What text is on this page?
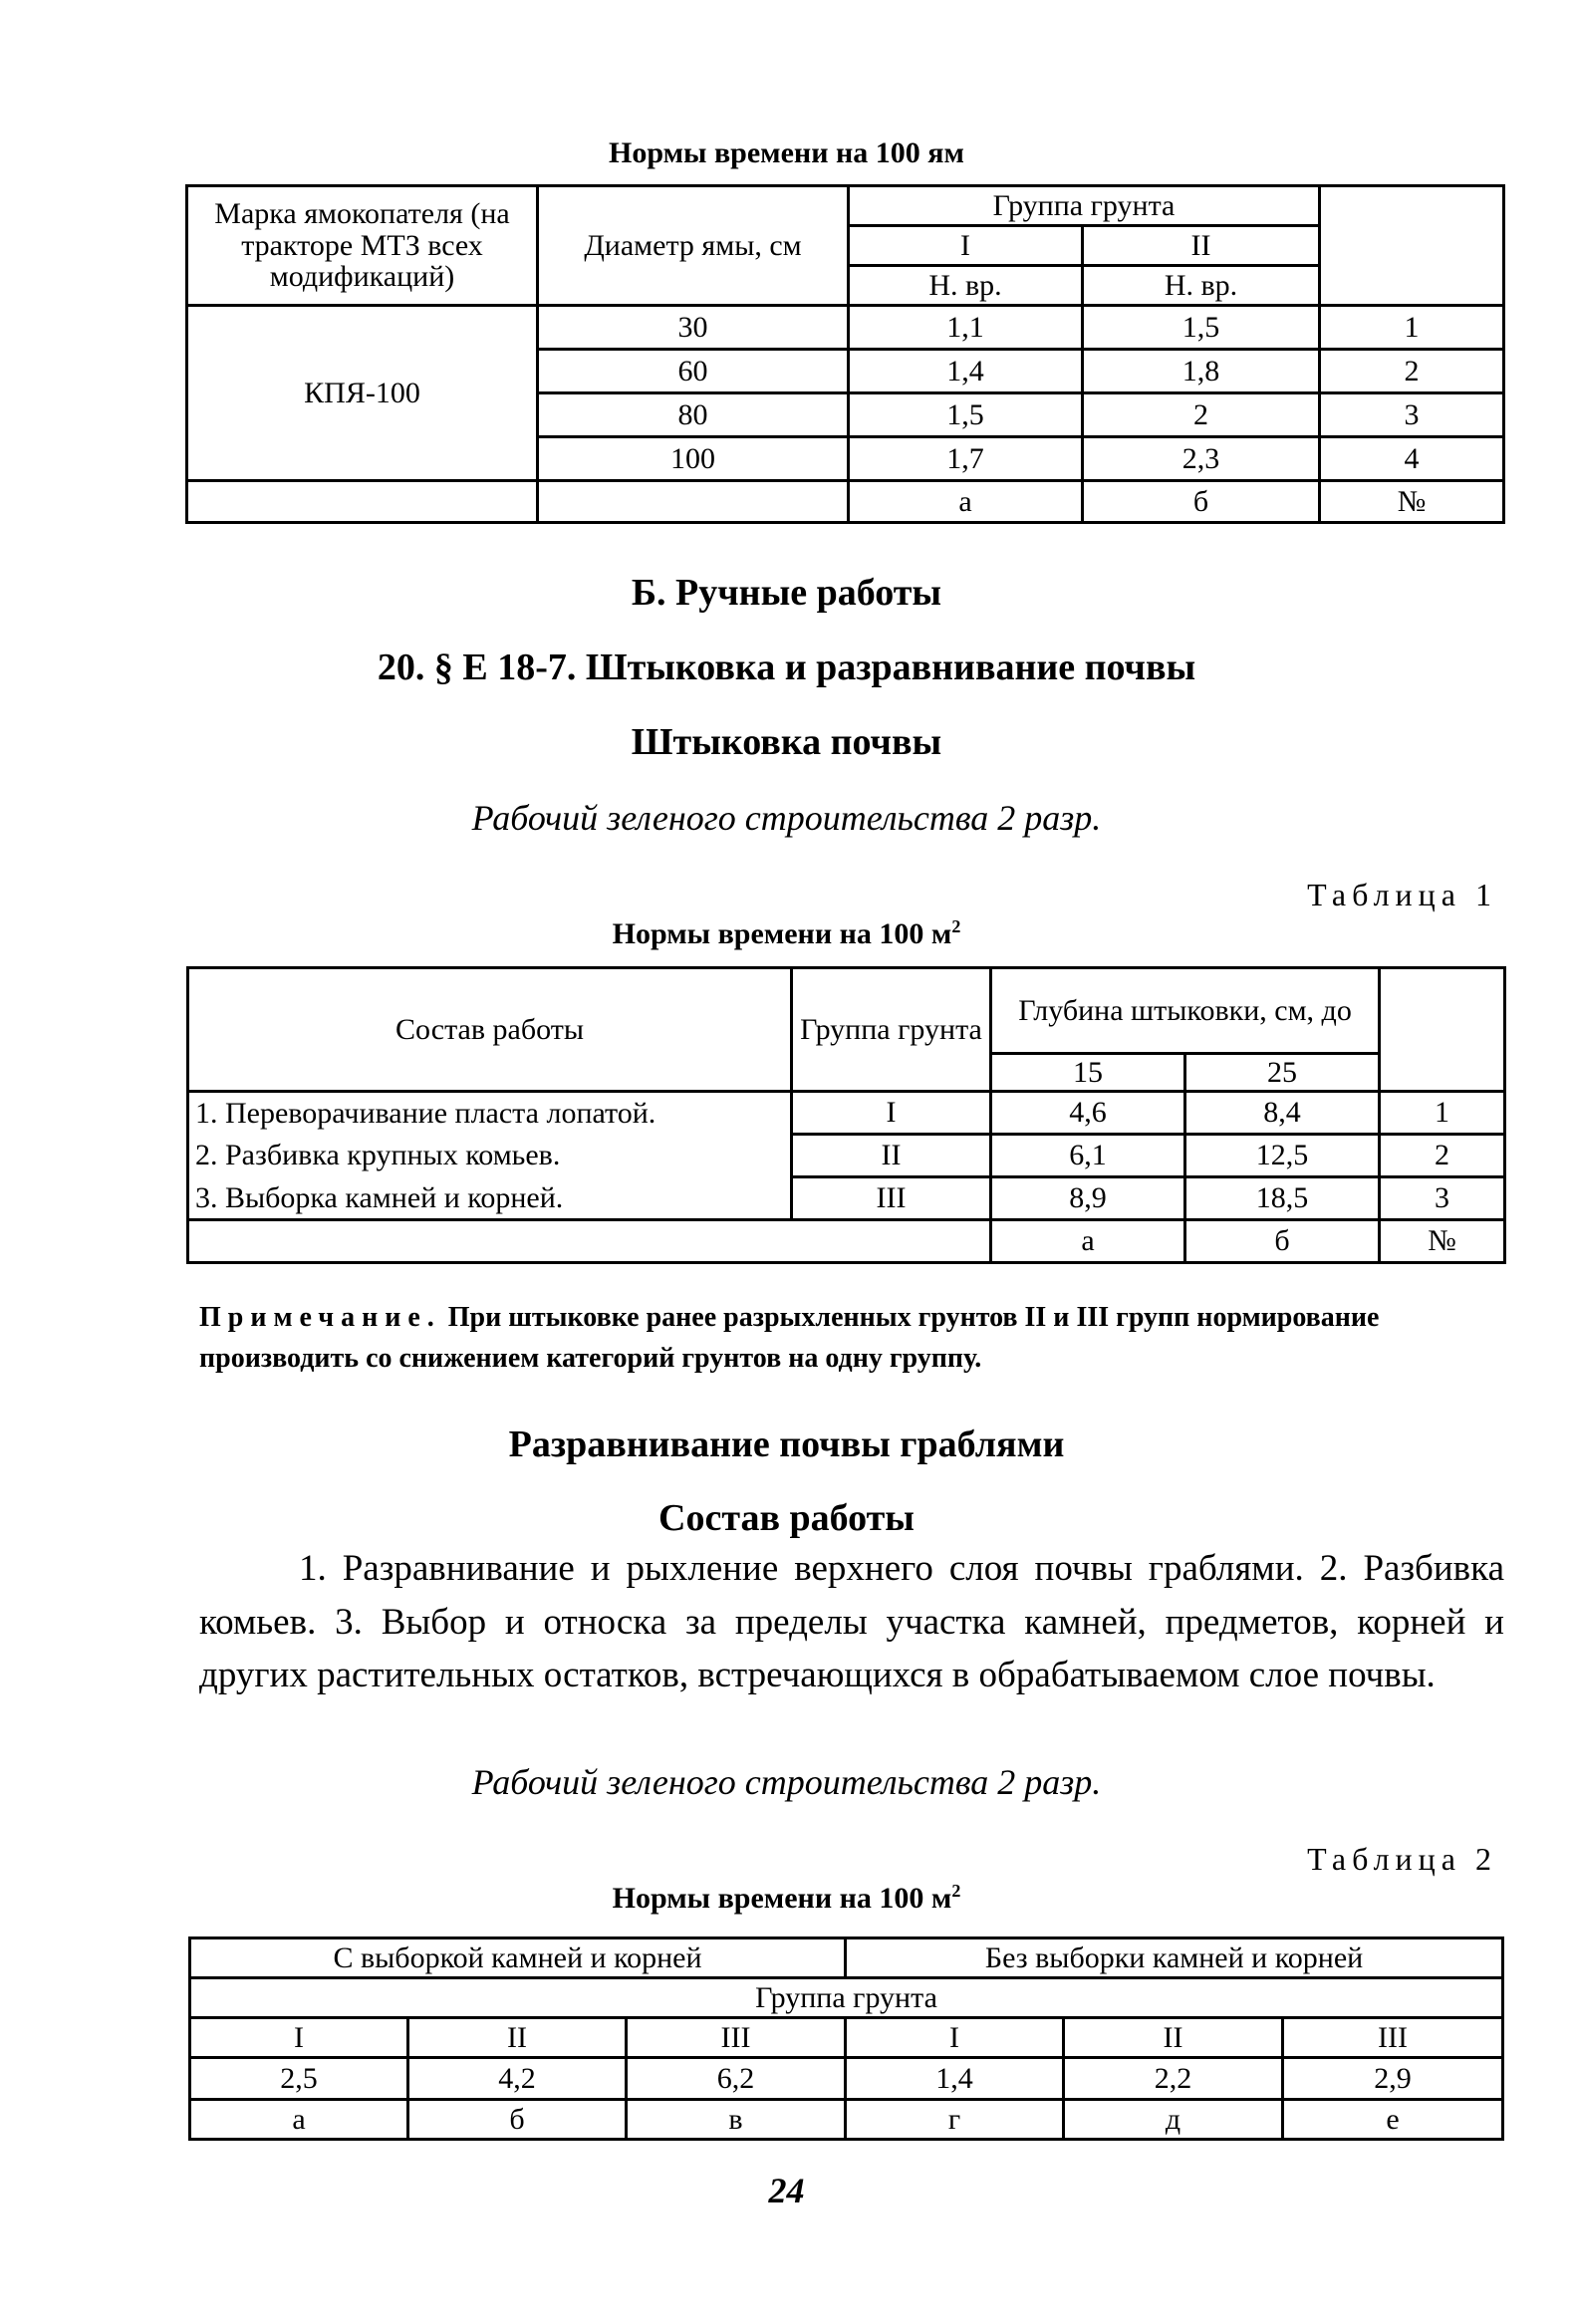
Нормы времени на 100 ям
Марка ямокопателя (на тракторе МТЗ всех модификаций)	Диаметр ямы, см	Группа грунта		
		I	II	
		Н. вр.	Н. вр.	
КПЯ-100	30	1,1	1,5	1
	60	1,4	1,8	2
	80	1,5	2	3
	100	1,7	2,3	4
		а	б	№
Б. Ручные работы
20. § Е 18-7. Штыковка и разравнивание почвы
Штыковка почвы
Рабочий зеленого строительства 2 разр.
Таблица 1
Нормы времени на 100 $м^2$
Состав работы	Группа грунта	Глубина штыковки, см, до		
		15	25	
1. Переворачивание пласта лопатой.	I	4,6	8,4	1
2. Разбивка крупных комьев.	II	6,1	12,5	2
3. Выборка камней и корней.	III	8,9	18,5	3
		а	б	№
Примечание. При штыковке ранее разрыхленных грунтов II и III групп нормирование производить со снижением категорий грунтов на одну группу.
Разравнивание почвы граблями
Состав работы
1. Разравнивание и рыхление верхнего слоя почвы граблями. 2. Разбивка комьев. 3. Выбор и относка за пределы участка камней, предметов, корней и других растительных остатков, встречающихся в обрабатываемом слое почвы.
Рабочий зеленого строительства 2 разр.
Таблица 2
Нормы времени на 100 $м^2$
С выборкой камней и корней			Без выборки камней и корней		
Группа грунта					
I	II	III	I	II	III
2,5	4,2	6,2	1,4	2,2	2,9
а	б	в	г	д	е
24
